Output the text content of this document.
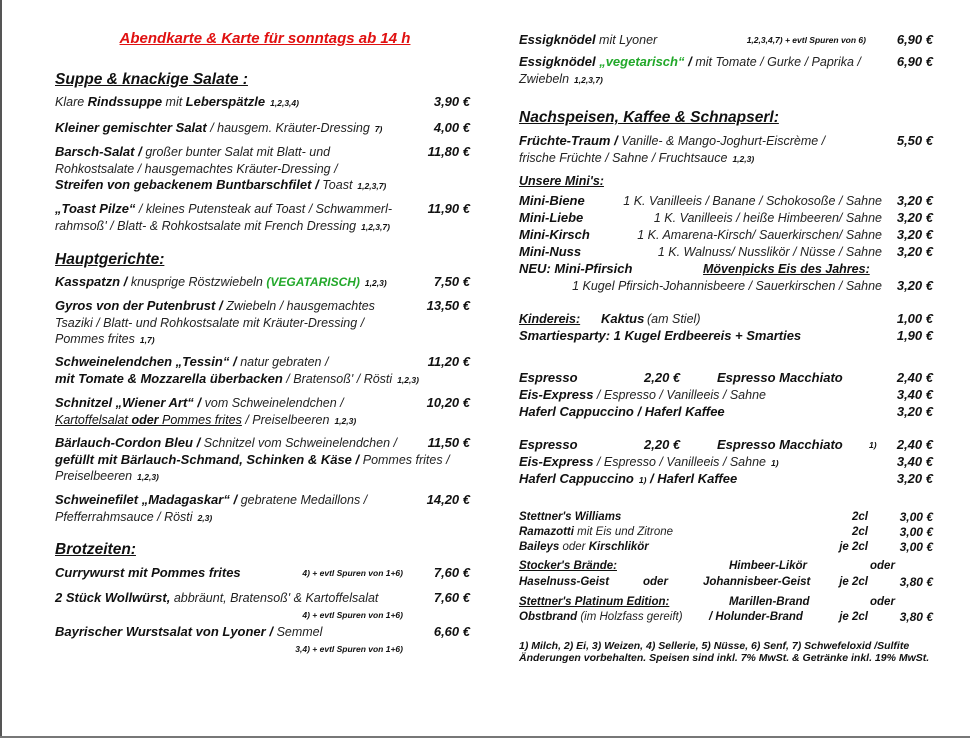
Abendkarte & Karte für sonntags ab 14 h
Suppe & knackige Salate :
Klare Rindssuppe mit Leberspätzle 1,2,3,4)	3,90 €
Kleiner gemischter Salat / hausgem. Kräuter-Dressing 7)	4,00 €
Barsch-Salat / großer bunter Salat mit Blatt- und	11,80 €
Rohkostsalate / hausgemachtes Kräuter-Dressing /
Streifen von gebackenem Buntbarschfilet / Toast 1,2,3,7)
„Toast Pilze“ / kleines Putensteak auf Toast / Schwammerl-	11,90 €
rahmsoß' / Blatt- & Rohkostsalate mit French Dressing 1,2,3,7)
Hauptgerichte:
Kasspatzn / knusprige Röstzwiebeln (VEGATARISCH) 1,2,3)	7,50 €
Gyros von der Putenbrust / Zwiebeln / hausgemachtes	13,50 €
Tsaziki / Blatt- und Rohkostsalate mit Kräuter-Dressing /
Pommes frites 1,7)
Schweinelendchen „Tessin“ / natur gebraten /	11,20 €
mit Tomate & Mozzarella überbacken / Bratensoß' / Rösti 1,2,3)
Schnitzel „Wiener Art“ / vom Schweinelendchen /	10,20 €
Kartoffelsalat oder Pommes frites / Preiselbeeren 1,2,3)
Bärlauch-Cordon Bleu / Schnitzel vom Schweinelendchen / 11,50 €
gefüllt mit Bärlauch-Schmand, Schinken & Käse / Pommes frites /
Preiselbeeren 1,2,3)
Schweinefilet „Madagaskar“ / gebratene Medaillons /	14,20 €
Pfefferrahmsauce / Rösti 2,3)
Brotzeiten:
Currywurst mit Pommes frites	4) + evtl Spuren von 1+6) 7,60 €
2 Stück Wollwürst, abbräunt, Bratensoß' & Kartoffelsalat	7,60 €
4) + evtl Spuren von 1+6)
Bayrischer Wurstsalat von Lyoner / Semmel	6,60 €
3,4) + evtl Spuren von 1+6)	1) Milch, 2) Ei, 3) Weizen, 4) Sellerie, 5) Nüsse, 6) Senf, 7) Schwefeloxid /Sulfite
Änderungen vorbehalten. Speisen sind inkl. 7% MwSt. & Getränke inkl. 19% MwSt.
Essigknödel mit Lyoner	1,2,3,4,7) + evtl Spuren von 6) 6,90 €
Essigknödel „vegetarisch“ / mit Tomate / Gurke / Paprika /	6,90 €
Zwiebeln 1,2,3,7)
Nachspeisen, Kaffee & Schnapserl:
Früchte-Traum / Vanille- & Mango-Joghurt-Eiscrème /	5,50 €
frische Früchte / Sahne / Fruchtsauce 1,2,3)
Unsere Mini's:
Mini-Biene	1 K. Vanilleeis / Banane / Schokosoße / Sahne 3,20 €
Mini-Liebe	1 K. Vanilleeis / heiße Himbeeren/ Sahne 3,20 €
Mini-Kirsch	1 K. Amarena-Kirsch/ Sauerkirschen/ Sahne 3,20 €
Mini-Nuss	1 K. Walnuss/ Nusslikör / Nüsse / Sahne 3,20 €
NEU: Mini-Pfirsich	Mövenpicks Eis des Jahres:
1 Kugel Pfirsich-Johannisbeere / Sauerkirschen / Sahne 3,20 €
Kindereis: Kaktus (am Stiel)	1,00 €
Smartiesparty: 1 Kugel Erdbeereis + Smarties	1,90 €
Espresso	2,20 €	Espresso Macchiato	2,40 €
Eis-Express / Espresso / Vanilleeis / Sahne	3,40 €
Haferl Cappuccino / Haferl Kaffee	3,20 €
Espresso	2,20 €	Espresso Macchiato	1) 2,40 €
Eis-Express / Espresso / Vanilleeis / Sahne 1)	3,40 €
Haferl Cappuccino 1) / Haferl Kaffee	3,20 €
Stettner's Williams	2cl	3,00 €
Ramazotti mit Eis und Zitrone	2cl	3,00 €
Baileys oder Kirschlikör	je 2cl	3,00 €
Stocker's Brände:	Himbeer-Likör	oder
Haselnuss-Geist	oder	Johannisbeer-Geist	je 2cl	3,80 €
Stettner's Platinum Edition:	Marillen-Brand	oder
Obstbrand (im Holzfass gereift) / Holunder-Brand	je 2cl	3,80 €
